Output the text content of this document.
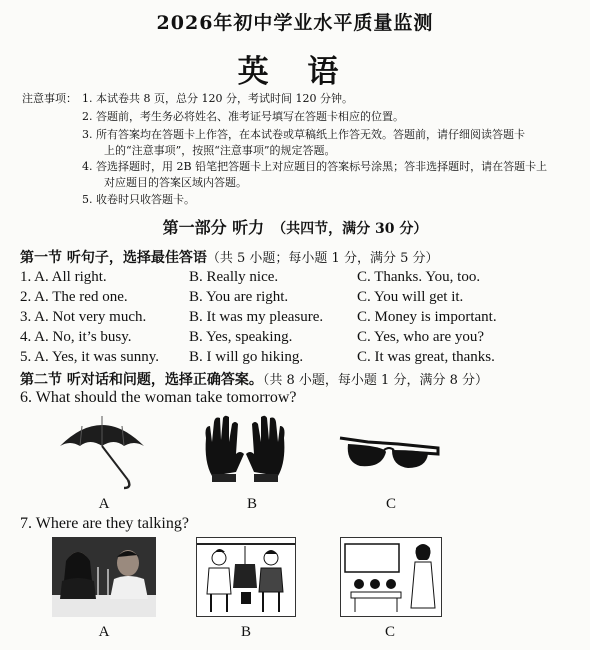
2026年初中学业水平质量监测
英 语
注意事项： 1. 本试卷共 8 页，总分 120 分，考试时间 120 分钟。
2. 答题前，考生务必将姓名、准考证号填写在答题卡相应的位置。
3. 所有答案均在答题卡上作答，在本试卷或草稿纸上作答无效。答题前，请仔细阅读答题卡
上的“注意事项”，按照“注意事项”的规定答题。
4. 答选择题时，用 2B 铅笔把答题卡上对应题目的答案标号涂黑；答非选择题时，请在答题卡上
对应题目的答案区域内答题。
5. 收卷时只收答题卡。
第一部分 听力 （共四节，满分 30 分）
第一节 听句子，选择最佳答语（共 5 小题；每小题 1 分，满分 5 分）
1. A. All right.	B. Really nice.	C. Thanks. You, too.
2. A. The red one.	B. You are right.	C. You will get it.
3. A. Not very much.	B. It was my pleasure. C. Money is important.
4. A. No, it’s busy.	B. Yes, speaking.	C. Yes, who are you?
5. A. Yes, it was sunny. B. I will go hiking.	C. It was great, thanks.
第二节 听对话和问题，选择正确答案。（共 8 小题，每小题 1 分，满分 8 分）
6. What should the woman take tomorrow?
A	B	C
7. Where are they talking?
A	B	C
